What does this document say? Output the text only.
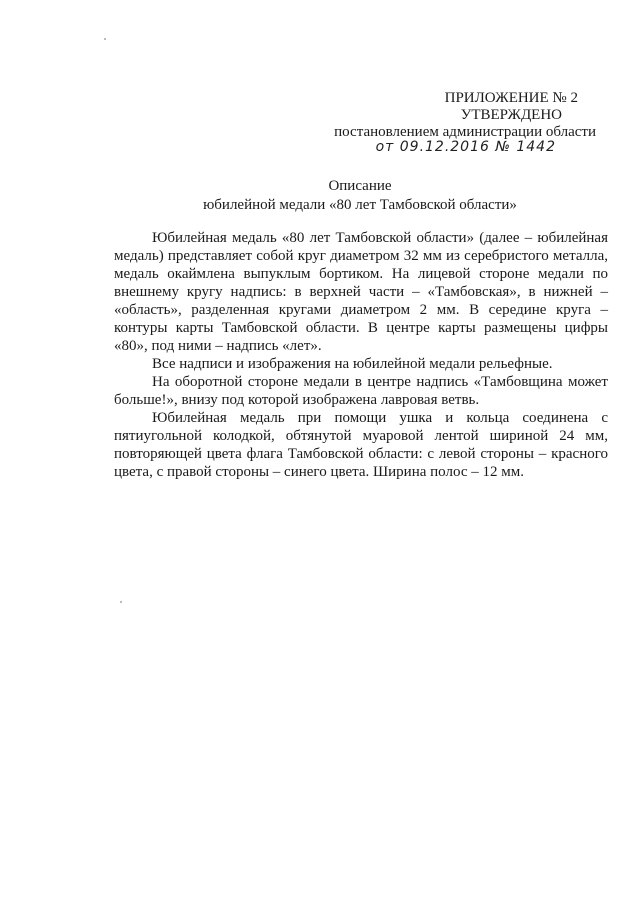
ПРИЛОЖЕНИЕ № 2
УТВЕРЖДЕНО
постановлением администрации области
от 09.12.2016 № 1442
Описание
юбилейной медали «80 лет Тамбовской области»

Юбилейная медаль «80 лет Тамбовской области» (далее – юбилейная медаль) представляет собой круг диаметром 32 мм из серебристого металла, медаль окаймлена выпуклым бортиком. На лицевой стороне медали по внешнему кругу надпись: в верхней части – «Тамбовская», в нижней – «область», разделенная кругами диаметром 2 мм. В середине круга – контуры карты Тамбовской области. В центре карты размещены цифры «80», под ними – надпись «лет».

Все надписи и изображения на юбилейной медали рельефные.

На оборотной стороне медали в центре надпись «Тамбовщина может больше!», внизу под которой изображена лавровая ветвь.

Юбилейная медаль при помощи ушка и кольца соединена с пятиугольной колодкой, обтянутой муаровой лентой шириной 24 мм, повторяющей цвета флага Тамбовской области: с левой стороны – красного цвета, с правой стороны – синего цвета. Ширина полос – 12 мм.
